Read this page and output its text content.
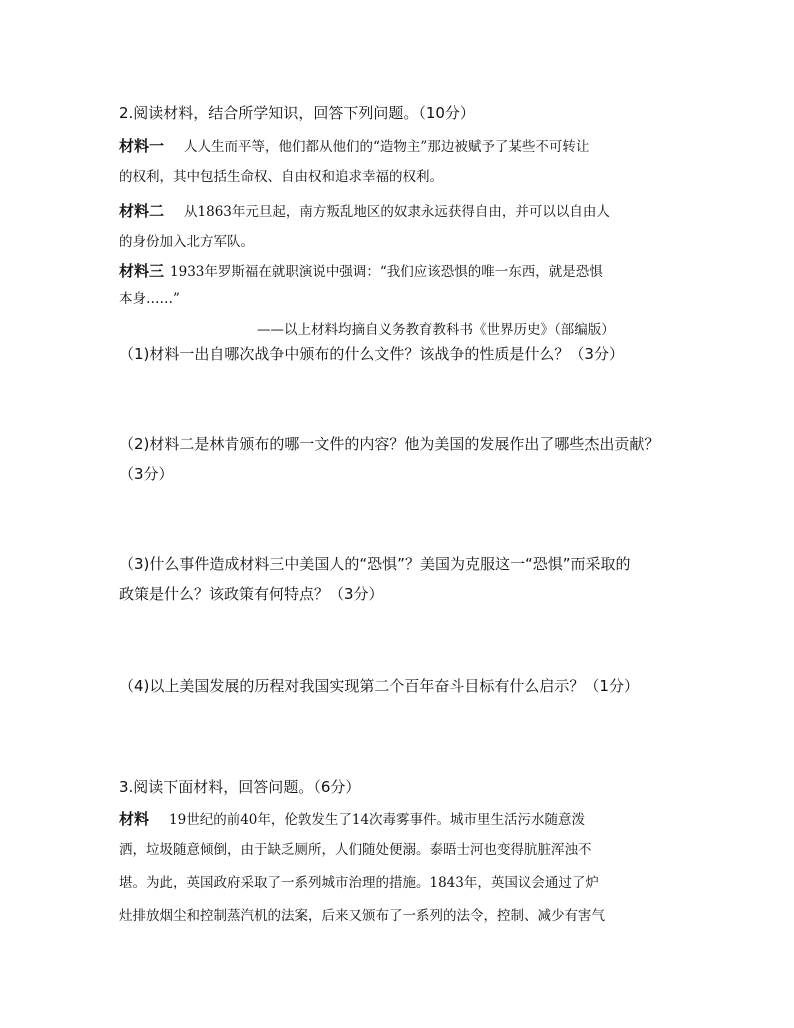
2.阅读材料，结合所学知识，回答下列问题。（10分）
材料一 人人生而平等，他们都从他们的“造物主”那边被赋予了某些不可转让
的权利，其中包括生命权、自由权和追求幸福的权利。
材料二 从1863年元旦起，南方叛乱地区的奴隶永远获得自由，并可以以自由人
的身份加入北方军队。
材料三 1933年罗斯福在就职演说中强调：“我们应该恐惧的唯一东西，就是恐惧
本身……”
——以上材料均摘自义务教育教科书《世界历史》（部编版）
（1)材料一出自哪次战争中颁布的什么文件？该战争的性质是什么？（3分）
（2)材料二是林肯颁布的哪一文件的内容？他为美国的发展作出了哪些杰出贡献？
（3分）
（3)什么事件造成材料三中美国人的“恐惧”？美国为克服这一“恐惧”而采取的
政策是什么？该政策有何特点？（3分）
（4)以上美国发展的历程对我国实现第二个百年奋斗目标有什么启示？（1分）
3.阅读下面材料，回答问题。（6分）
材料 19世纪的前40年，伦敦发生了14次毒雾事件。城市里生活污水随意泼
洒，垃圾随意倾倒，由于缺乏厕所，人们随处便溺。泰晤士河也变得肮脏浑浊不
堪。为此，英国政府采取了一系列城市治理的措施。1843年，英国议会通过了炉
灶排放烟尘和控制蒸汽机的法案，后来又颁布了一系列的法令，控制、减少有害气
